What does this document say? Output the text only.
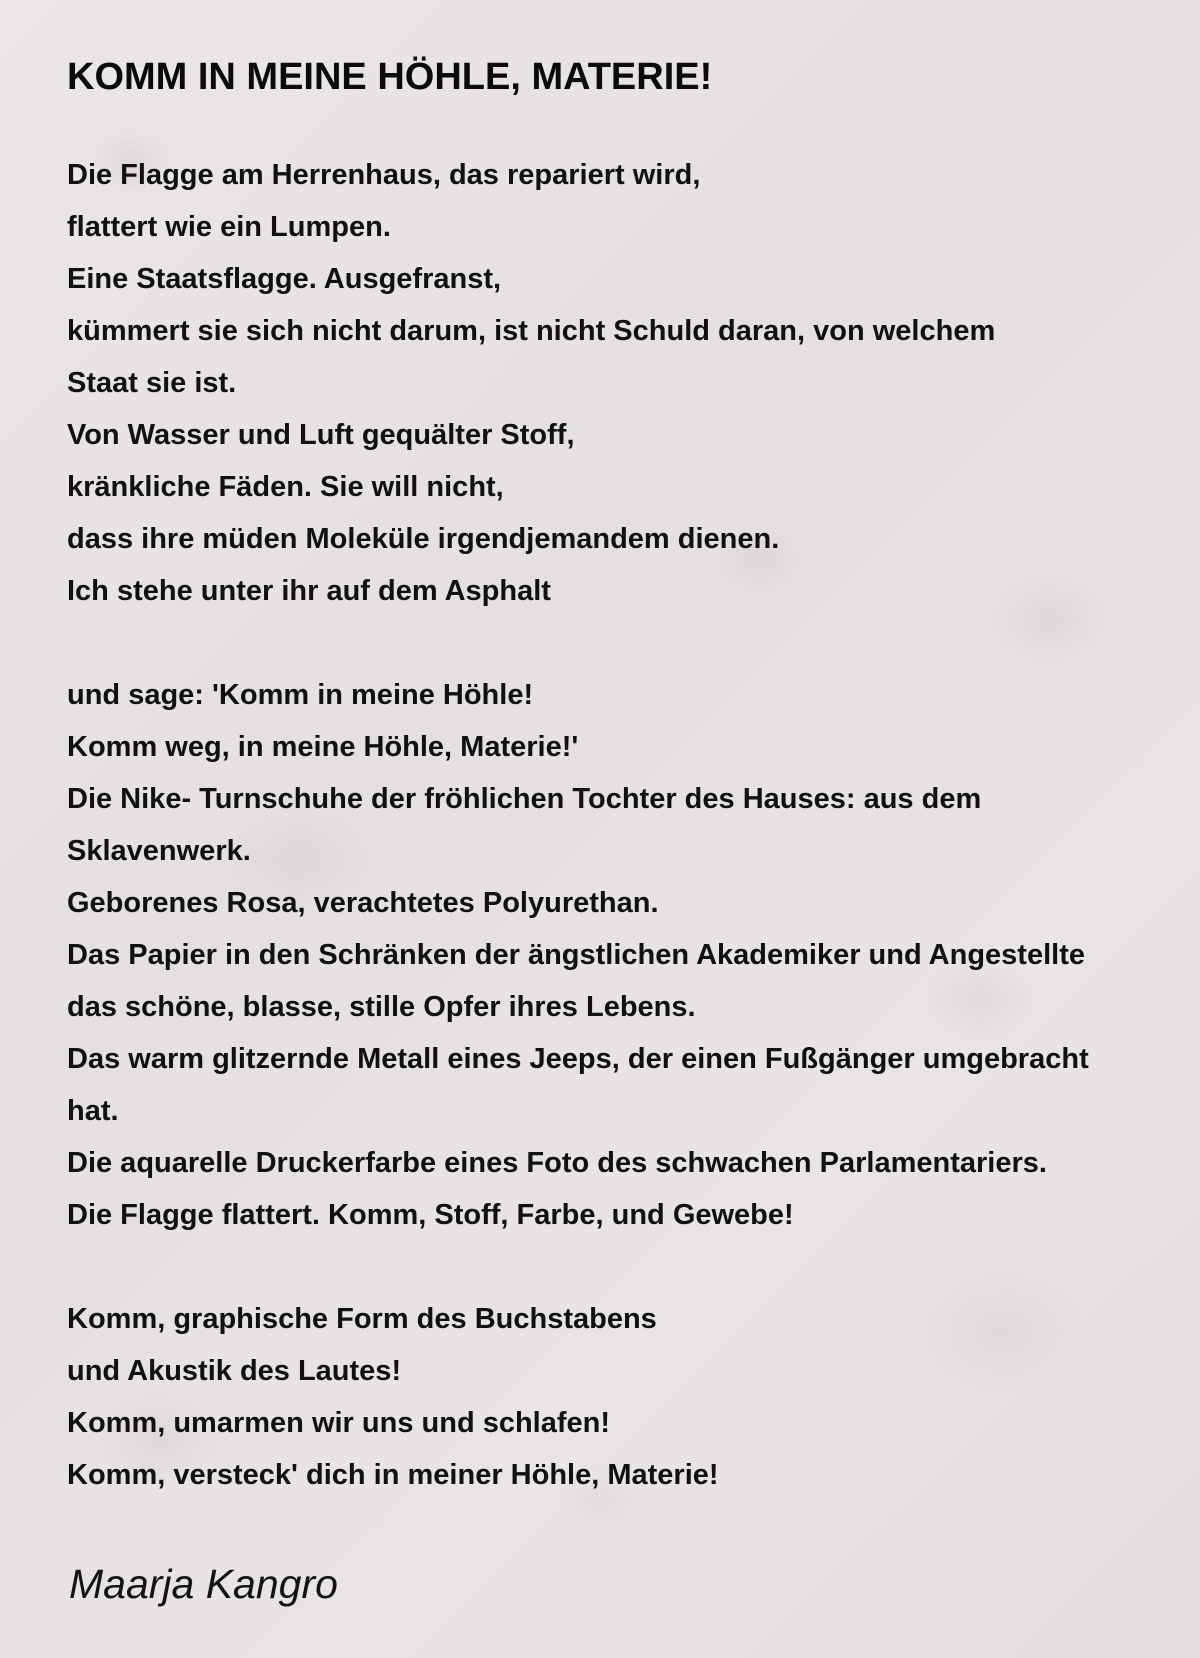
KOMM IN MEINE HÖHLE, MATERIE!
Die Flagge am Herrenhaus, das repariert wird,
flattert wie ein Lumpen.
Eine Staatsflagge. Ausgefranst,
kümmert sie sich nicht darum, ist nicht Schuld daran, von welchem
Staat sie ist.
Von Wasser und Luft gequälter Stoff,
kränkliche Fäden. Sie will nicht,
dass ihre müden Moleküle irgendjemandem dienen.
Ich stehe unter ihr auf dem Asphalt
und sage: 'Komm in meine Höhle!
Komm weg, in meine Höhle, Materie!'
Die Nike- Turnschuhe der fröhlichen Tochter des Hauses: aus dem
Sklavenwerk.
Geborenes Rosa, verachtetes Polyurethan.
Das Papier in den Schränken der ängstlichen Akademiker und Angestellte
das schöne, blasse, stille Opfer ihres Lebens.
Das warm glitzernde Metall eines Jeeps, der einen Fußgänger umgebracht
hat.
Die aquarelle Druckerfarbe eines Foto des schwachen Parlamentariers.
Die Flagge flattert. Komm, Stoff, Farbe, und Gewebe!
Komm, graphische Form des Buchstabens
und Akustik des Lautes!
Komm, umarmen wir uns und schlafen!
Komm, versteck' dich in meiner Höhle, Materie!

Maarja Kangro
